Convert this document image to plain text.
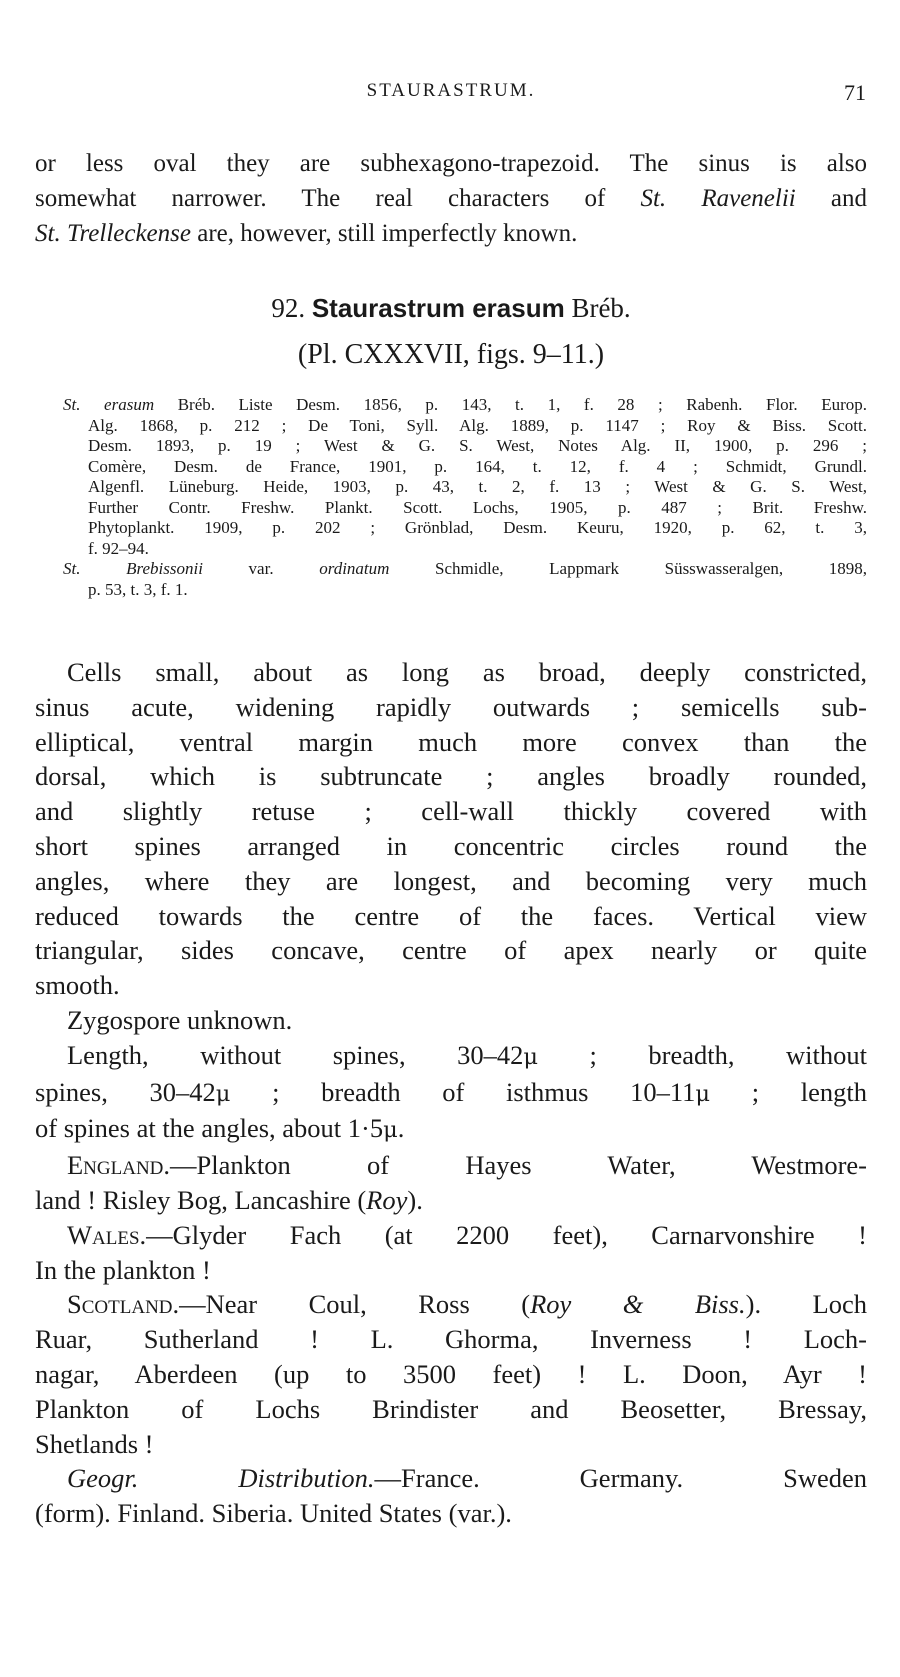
STAURASTRUM.	71
or less oval they are subhexagono-trapezoid. The sinus is also
somewhat narrower. The real characters of St. Ravenelii and
St. Trelleckense are, however, still imperfectly known.
92. Staurastrum erasum Bréb.
(Pl. CXXXVII, figs. 9–11.)
St. erasum Bréb. Liste Desm. 1856, p. 143, t. 1, f. 28 ; Rabenh. Flor. Europ.
Alg. 1868, p. 212 ; De Toni, Syll. Alg. 1889, p. 1147 ; Roy & Biss. Scott.
Desm. 1893, p. 19 ; West & G. S. West, Notes Alg. II, 1900, p. 296 ;
Comère, Desm. de France, 1901, p. 164, t. 12, f. 4 ; Schmidt, Grundl.
Algenfl. Lüneburg. Heide, 1903, p. 43, t. 2, f. 13 ; West & G. S. West,
Further Contr. Freshw. Plankt. Scott. Lochs, 1905, p. 487 ; Brit. Freshw.
Phytoplankt. 1909, p. 202 ; Grönblad, Desm. Keuru, 1920, p. 62, t. 3,
f. 92–94.
St. Brebissonii	var.	ordinatum	Schmidle, Lappmark Süsswasseralgen, 1898,
p. 53, t. 3, f. 1.
Cells small, about as long as broad, deeply constricted,
sinus acute, widening rapidly outwards ; semicells sub-
elliptical, ventral margin much more convex than the
dorsal, which is subtruncate ; angles broadly rounded,
and slightly retuse ; cell-wall thickly covered with
short spines arranged in concentric circles round the
angles, where they are longest, and becoming very much
reduced towards the centre of the faces. Vertical view
triangular, sides concave, centre of apex nearly or quite
smooth.
Zygospore unknown.
Length, without spines, 30–42μ ; breadth, without
spines, 30–42μ ; breadth of isthmus 10–11μ ; length
of spines at the angles, about 1·5μ.
England.—Plankton of Hayes Water, Westmore-
land ! Risley Bog, Lancashire (Roy).
Wales.—Glyder Fach (at 2200 feet), Carnarvonshire !
In the plankton !
Scotland.—Near Coul, Ross (Roy & Biss.). Loch
Ruar, Sutherland ! L. Ghorma, Inverness ! Loch-
nagar, Aberdeen (up to 3500 feet) ! L. Doon, Ayr !
Plankton of Lochs Brindister and Beosetter, Bressay,
Shetlands !
Geogr. Distribution.—France. Germany. Sweden
(form). Finland. Siberia. United States (var.).
